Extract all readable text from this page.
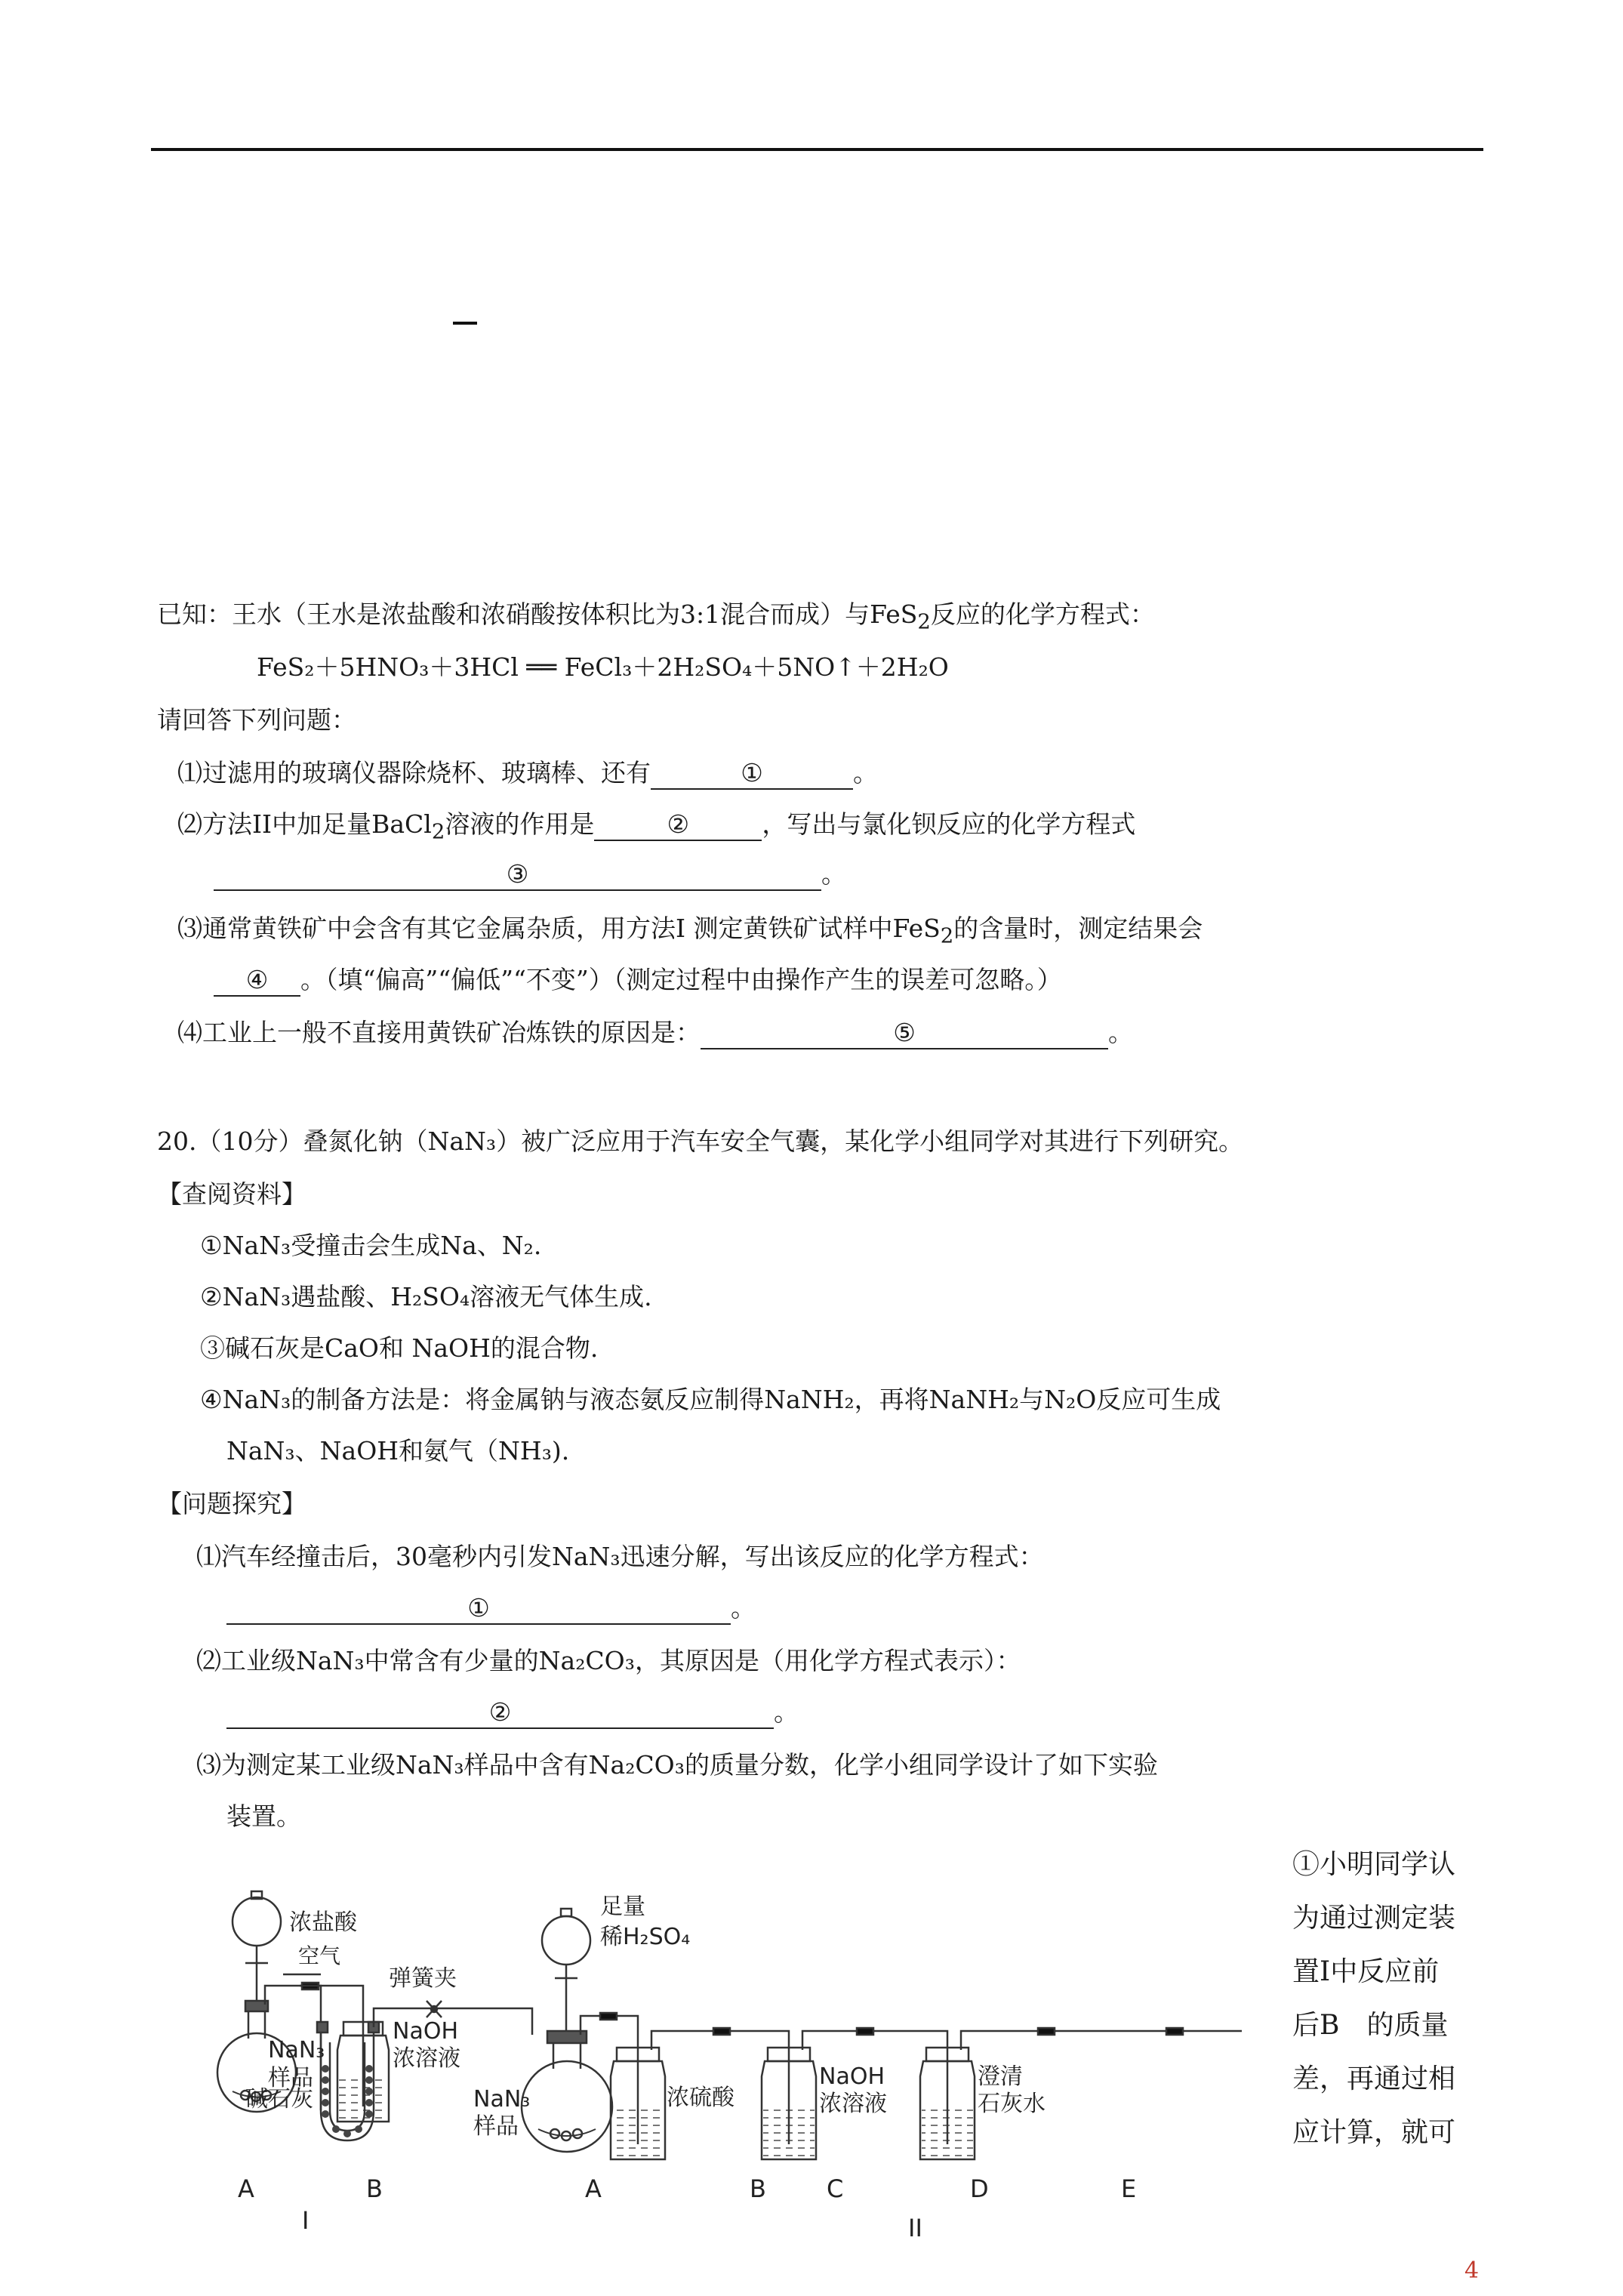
已知：王水（王水是浓盐酸和浓硝酸按体积比为3:1混合而成）与FeS$_2$反应的化学方程式：
FeS₂＋5HNO₃＋3HCl ══ FeCl₃＋2H₂SO₄＋5NO↑＋2H₂O
请回答下列问题：
⑴过滤用的玻璃仪器除烧杯、玻璃棒、还有	①	。
⑵方法II中加足量BaCl$_2$溶液的作用是	②	，写出与氯化钡反应的化学方程式
③	。
⑶通常黄铁矿中会含有其它金属杂质，用方法Ⅰ 测定黄铁矿试样中FeS$_2$的含量时，测定结果会
④ 。（填“偏高”“偏低”“不变”）（测定过程中由操作产生的误差可忽略。）
⑷工业上一般不直接用黄铁矿冶炼铁的原因是：	⑤	。
20.（10分）叠氮化钠（NaN₃）被广泛应用于汽车安全气囊，某化学小组同学对其进行下列研究。
【查阅资料】
①NaN₃受撞击会生成Na、N₂.
②NaN₃遇盐酸、H₂SO₄溶液无气体生成.
③碱石灰是CaO和 NaOH的混合物.
④NaN₃的制备方法是：将金属钠与液态氨反应制得NaNH₂，再将NaNH₂与N₂O反应可生成
NaN₃、NaOH和氨气（NH₃).
【问题探究】
⑴汽车经撞击后，30毫秒内引发NaN₃迅速分解，写出该反应的化学方程式：
①	。
⑵工业级NaN₃中常含有少量的Na₂CO₃，其原因是（用化学方程式表示）：
②	。
⑶为测定某工业级NaN₃样品中含有Na₂CO₃的质量分数，化学小组同学设计了如下实验
装置。
①小明同学认
为通过测定装
置Ⅰ中反应前
后B　的质量
差，再通过相
应计算，就可
浓盐酸
NaOH
浓溶液
NaN₃
样品
空气
弹簧夹
足量
稀H₂SO₄
碱石灰	NaN₃
样品
浓硫酸
NaOH
浓溶液
澄清
石灰水
A	B	A	B	C	D	E
I	II
4
